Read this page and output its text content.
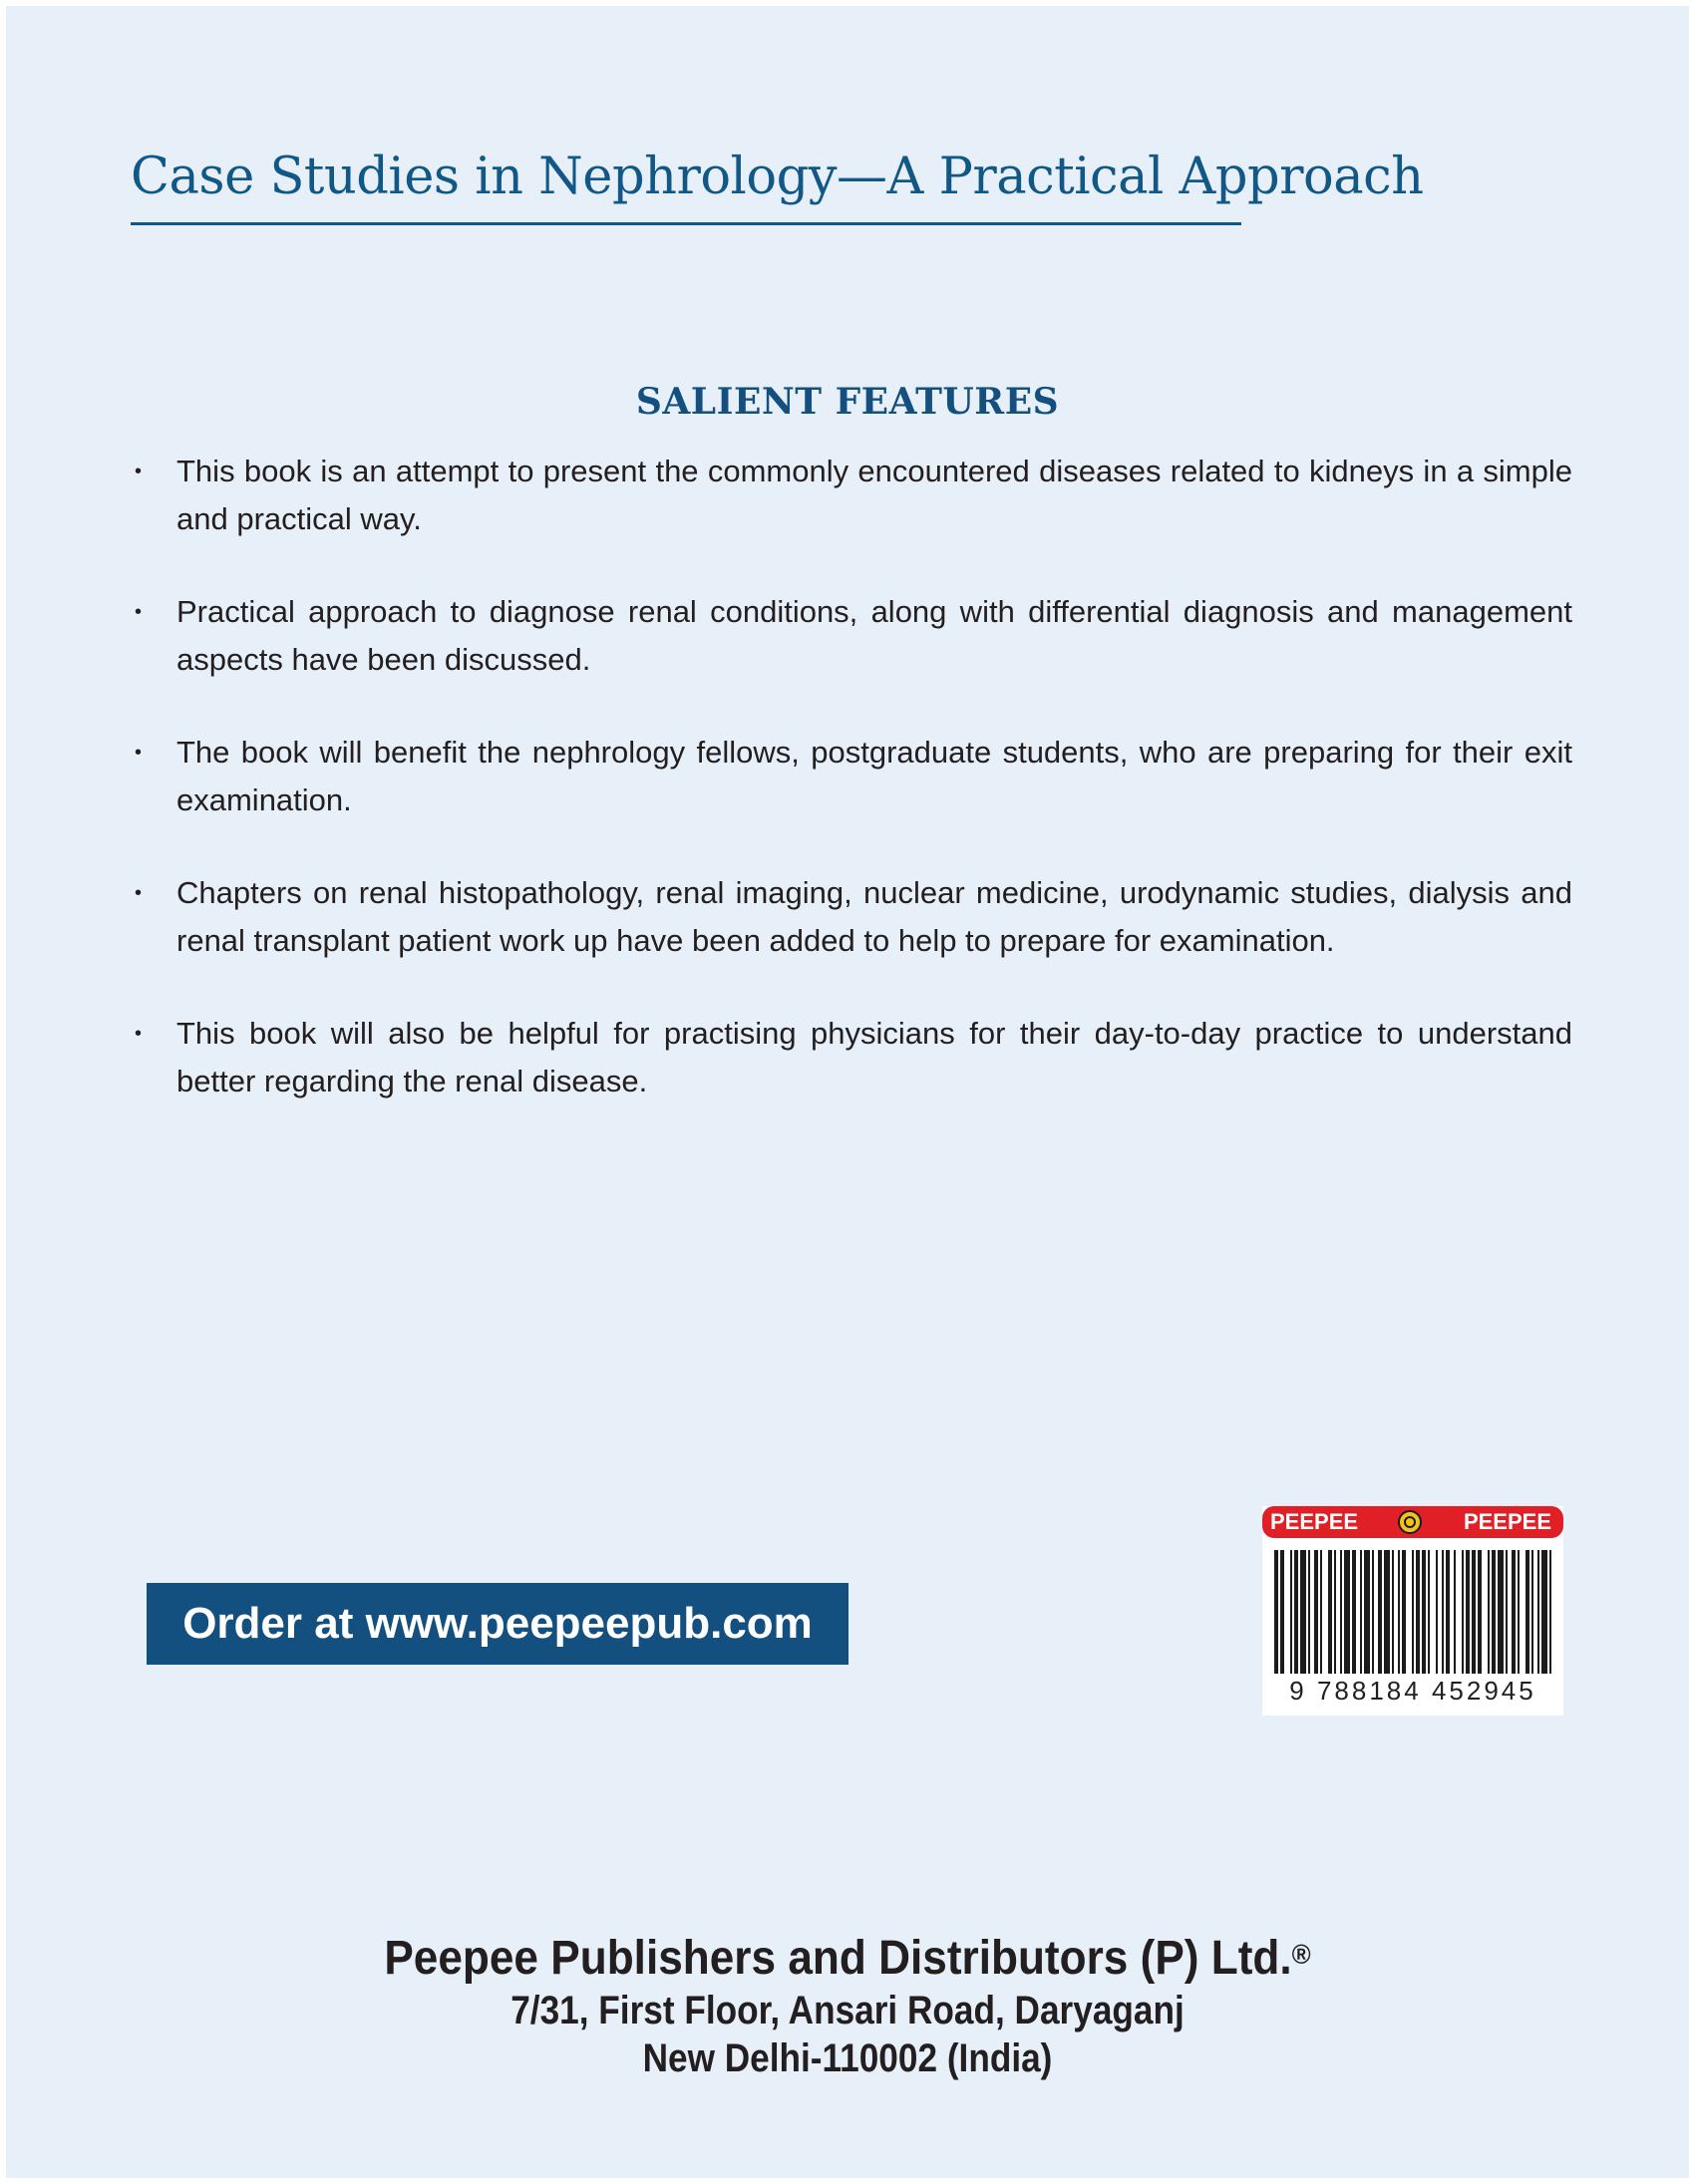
Case Studies in Nephrology—A Practical Approach
SALIENT FEATURES
• This book is an attempt to present the commonly encountered diseases related to kidneys in a simple and practical way.
• Practical approach to diagnose renal conditions, along with differential diagnosis and management aspects have been discussed.
• The book will benefit the nephrology fellows, postgraduate students, who are preparing for their exit examination.
• Chapters on renal histopathology, renal imaging, nuclear medicine, urodynamic studies, dialysis and renal transplant patient work up have been added to help to prepare for examination.
• This book will also be helpful for practising physicians for their day-to-day practice to understand better regarding the renal disease.
Order at www.peepeepub.com
PEEPEE	PEEPEE
9 788184 452945
Peepee Publishers and Distributors (P) Ltd.®
7/31, First Floor, Ansari Road, Daryaganj
New Delhi-110002 (India)
